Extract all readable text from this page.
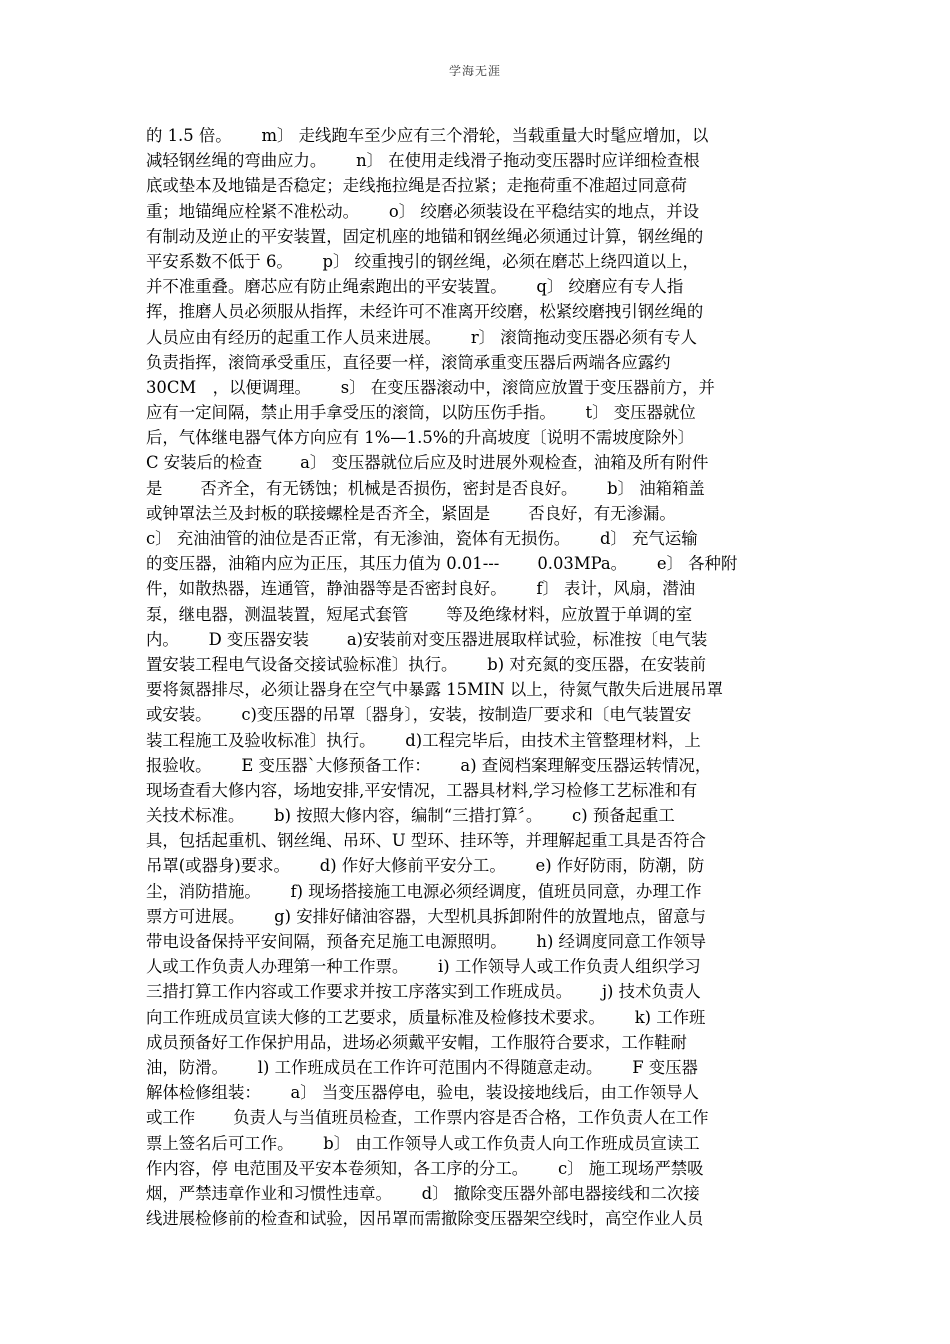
学海无涯
的 1.5 倍。　　 m〕 走线跑车至少应有三个滑轮，当载重量大时髦应增加，以
减轻钢丝绳的弯曲应力。　　 n〕 在使用走线滑子拖动变压器时应详细检查根
底或垫本及地锚是否稳定；走线拖拉绳是否拉紧；走拖荷重不准超过同意荷
重；地锚绳应栓紧不准松动。　　 o〕 绞磨必须装设在平稳结实的地点，并设
有制动及逆止的平安装置，固定机座的地锚和钢丝绳必须通过计算，钢丝绳的
平安系数不低于 6。　　 p〕 绞重拽引的钢丝绳，必须在磨芯上绕四道以上，
并不准重叠。磨芯应有防止绳索跑出的平安装置。　　 q〕 绞磨应有专人指
挥，推磨人员必须服从指挥，未经许可不准离开绞磨，松紧绞磨拽引钢丝绳的
人员应由有经历的起重工作人员来进展。　　 r〕 滚筒拖动变压器必须有专人
负责指挥，滚筒承受重压，直径要一样，滚筒承重变压器后两端各应露约
30CM　，以便调理。　　 s〕 在变压器滚动中，滚筒应放置于变压器前方，并
应有一定间隔，禁止用手拿受压的滚筒，以防压伤手指。　　 t〕 变压器就位
后，气体继电器气体方向应有 1%—1.5%的升高坡度〔说明不需坡度除外〕
C 安装后的检查　　 a〕 变压器就位后应及时进展外观检查，油箱及所有附件
是　　 否齐全，有无锈蚀；机械是否损伤，密封是否良好。　　 b〕 油箱箱盖
或钟罩法兰及封板的联接螺栓是否齐全，紧固是　　 否良好，有无渗漏。
c〕 充油油管的油位是否正常，有无渗油，瓷体有无损伤。　　 d〕 充气运输
的变压器，油箱内应为正压，其压力值为 0.01---　　 0.03MPa。　　 e〕 各种附
件，如散热器，连通管，静油器等是否密封良好。　　 f〕 表计，风扇，潜油
泵，继电器，测温装置，短尾式套管　　 等及绝缘材料，应放置于单调的室
内。　　 D 变压器安装　　 a)安装前对变压器进展取样试验，标准按〔电气装
置安装工程电气设备交接试验标准〕执行。　　 b) 对充氮的变压器，在安装前
要将氮器排尽，必须让器身在空气中暴露 15MIN 以上，待氮气散失后进展吊罩
或安装。　　 c)变压器的吊罩〔器身〕，安装，按制造厂要求和〔电气装置安
装工程施工及验收标准〕执行。　　 d)工程完毕后，由技术主管整理材料，上
报验收。　　 E 变压器`大修预备工作：　　 a) 查阅档案理解变压器运转情况，
现场查看大修内容，场地安排,平安情况，工器具材料,学习检修工艺标准和有
关技术标准。　　 b) 按照大修内容，编制“三措打算〞。　　 c) 预备起重工
具，包括起重机、钢丝绳、吊环、U 型环、挂环等，并理解起重工具是否符合
吊罩(或器身)要求。　　 d) 作好大修前平安分工。　　 e) 作好防雨，防潮，防
尘，消防措施。　　 f) 现场搭接施工电源必须经调度，值班员同意，办理工作
票方可进展。　　 g) 安排好储油容器，大型机具拆卸附件的放置地点，留意与
带电设备保持平安间隔，预备充足施工电源照明。　　 h) 经调度同意工作领导
人或工作负责人办理第一种工作票。　　 i) 工作领导人或工作负责人组织学习
三措打算工作内容或工作要求并按工序落实到工作班成员。　　 j) 技术负责人
向工作班成员宣读大修的工艺要求，质量标准及检修技术要求。　　 k) 工作班
成员预备好工作保护用品，进场必须戴平安帽，工作服符合要求，工作鞋耐
油，防滑。　　 l) 工作班成员在工作许可范围内不得随意走动。　　 F 变压器
解体检修组装：　　 a〕 当变压器停电，验电，装设接地线后，由工作领导人
或工作　　 负责人与当值班员检查，工作票内容是否合格，工作负责人在工作
票上签名后可工作。　　 b〕 由工作领导人或工作负责人向工作班成员宣读工
作内容，停 电范围及平安本卷须知，各工序的分工。　　 c〕 施工现场严禁吸
烟，严禁违章作业和习惯性违章。　　 d〕 撤除变压器外部电器接线和二次接
线进展检修前的检查和试验，因吊罩而需撤除变压器架空线时，高空作业人员
